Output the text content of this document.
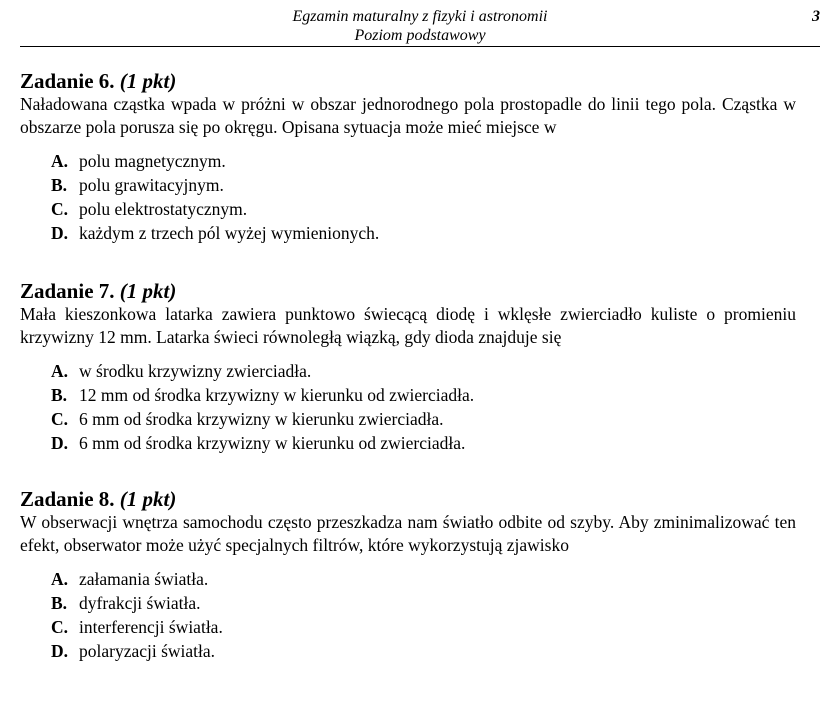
Egzamin maturalny z fizyki i astronomii
Poziom podstawowy
3

Zadanie 6. (1 pkt)

Naładowana cząstka wpada w próżni w obszar jednorodnego pola prostopadle do linii tego pola. Cząstka w obszarze pola porusza się po okręgu. Opisana sytuacja może mieć miejsce w

A. polu magnetycznym.
B. polu grawitacyjnym.
C. polu elektrostatycznym.
D. każdym z trzech pól wyżej wymienionych.

Zadanie 7. (1 pkt)

Mała kieszonkowa latarka zawiera punktowo świecącą diodę i wklęsłe zwierciadło kuliste o promieniu krzywizny 12 mm. Latarka świeci równoległą wiązką, gdy dioda znajduje się

A. w środku krzywizny zwierciadła.
B. 12 mm od środka krzywizny w kierunku od zwierciadła.
C. 6 mm od środka krzywizny w kierunku zwierciadła.
D. 6 mm od środka krzywizny w kierunku od zwierciadła.

Zadanie 8. (1 pkt)

W obserwacji wnętrza samochodu często przeszkadza nam światło odbite od szyby. Aby zminimalizować ten efekt, obserwator może użyć specjalnych filtrów, które wykorzystują zjawisko

A. załamania światła.
B. dyfrakcji światła.
C. interferencji światła.
D. polaryzacji światła.
